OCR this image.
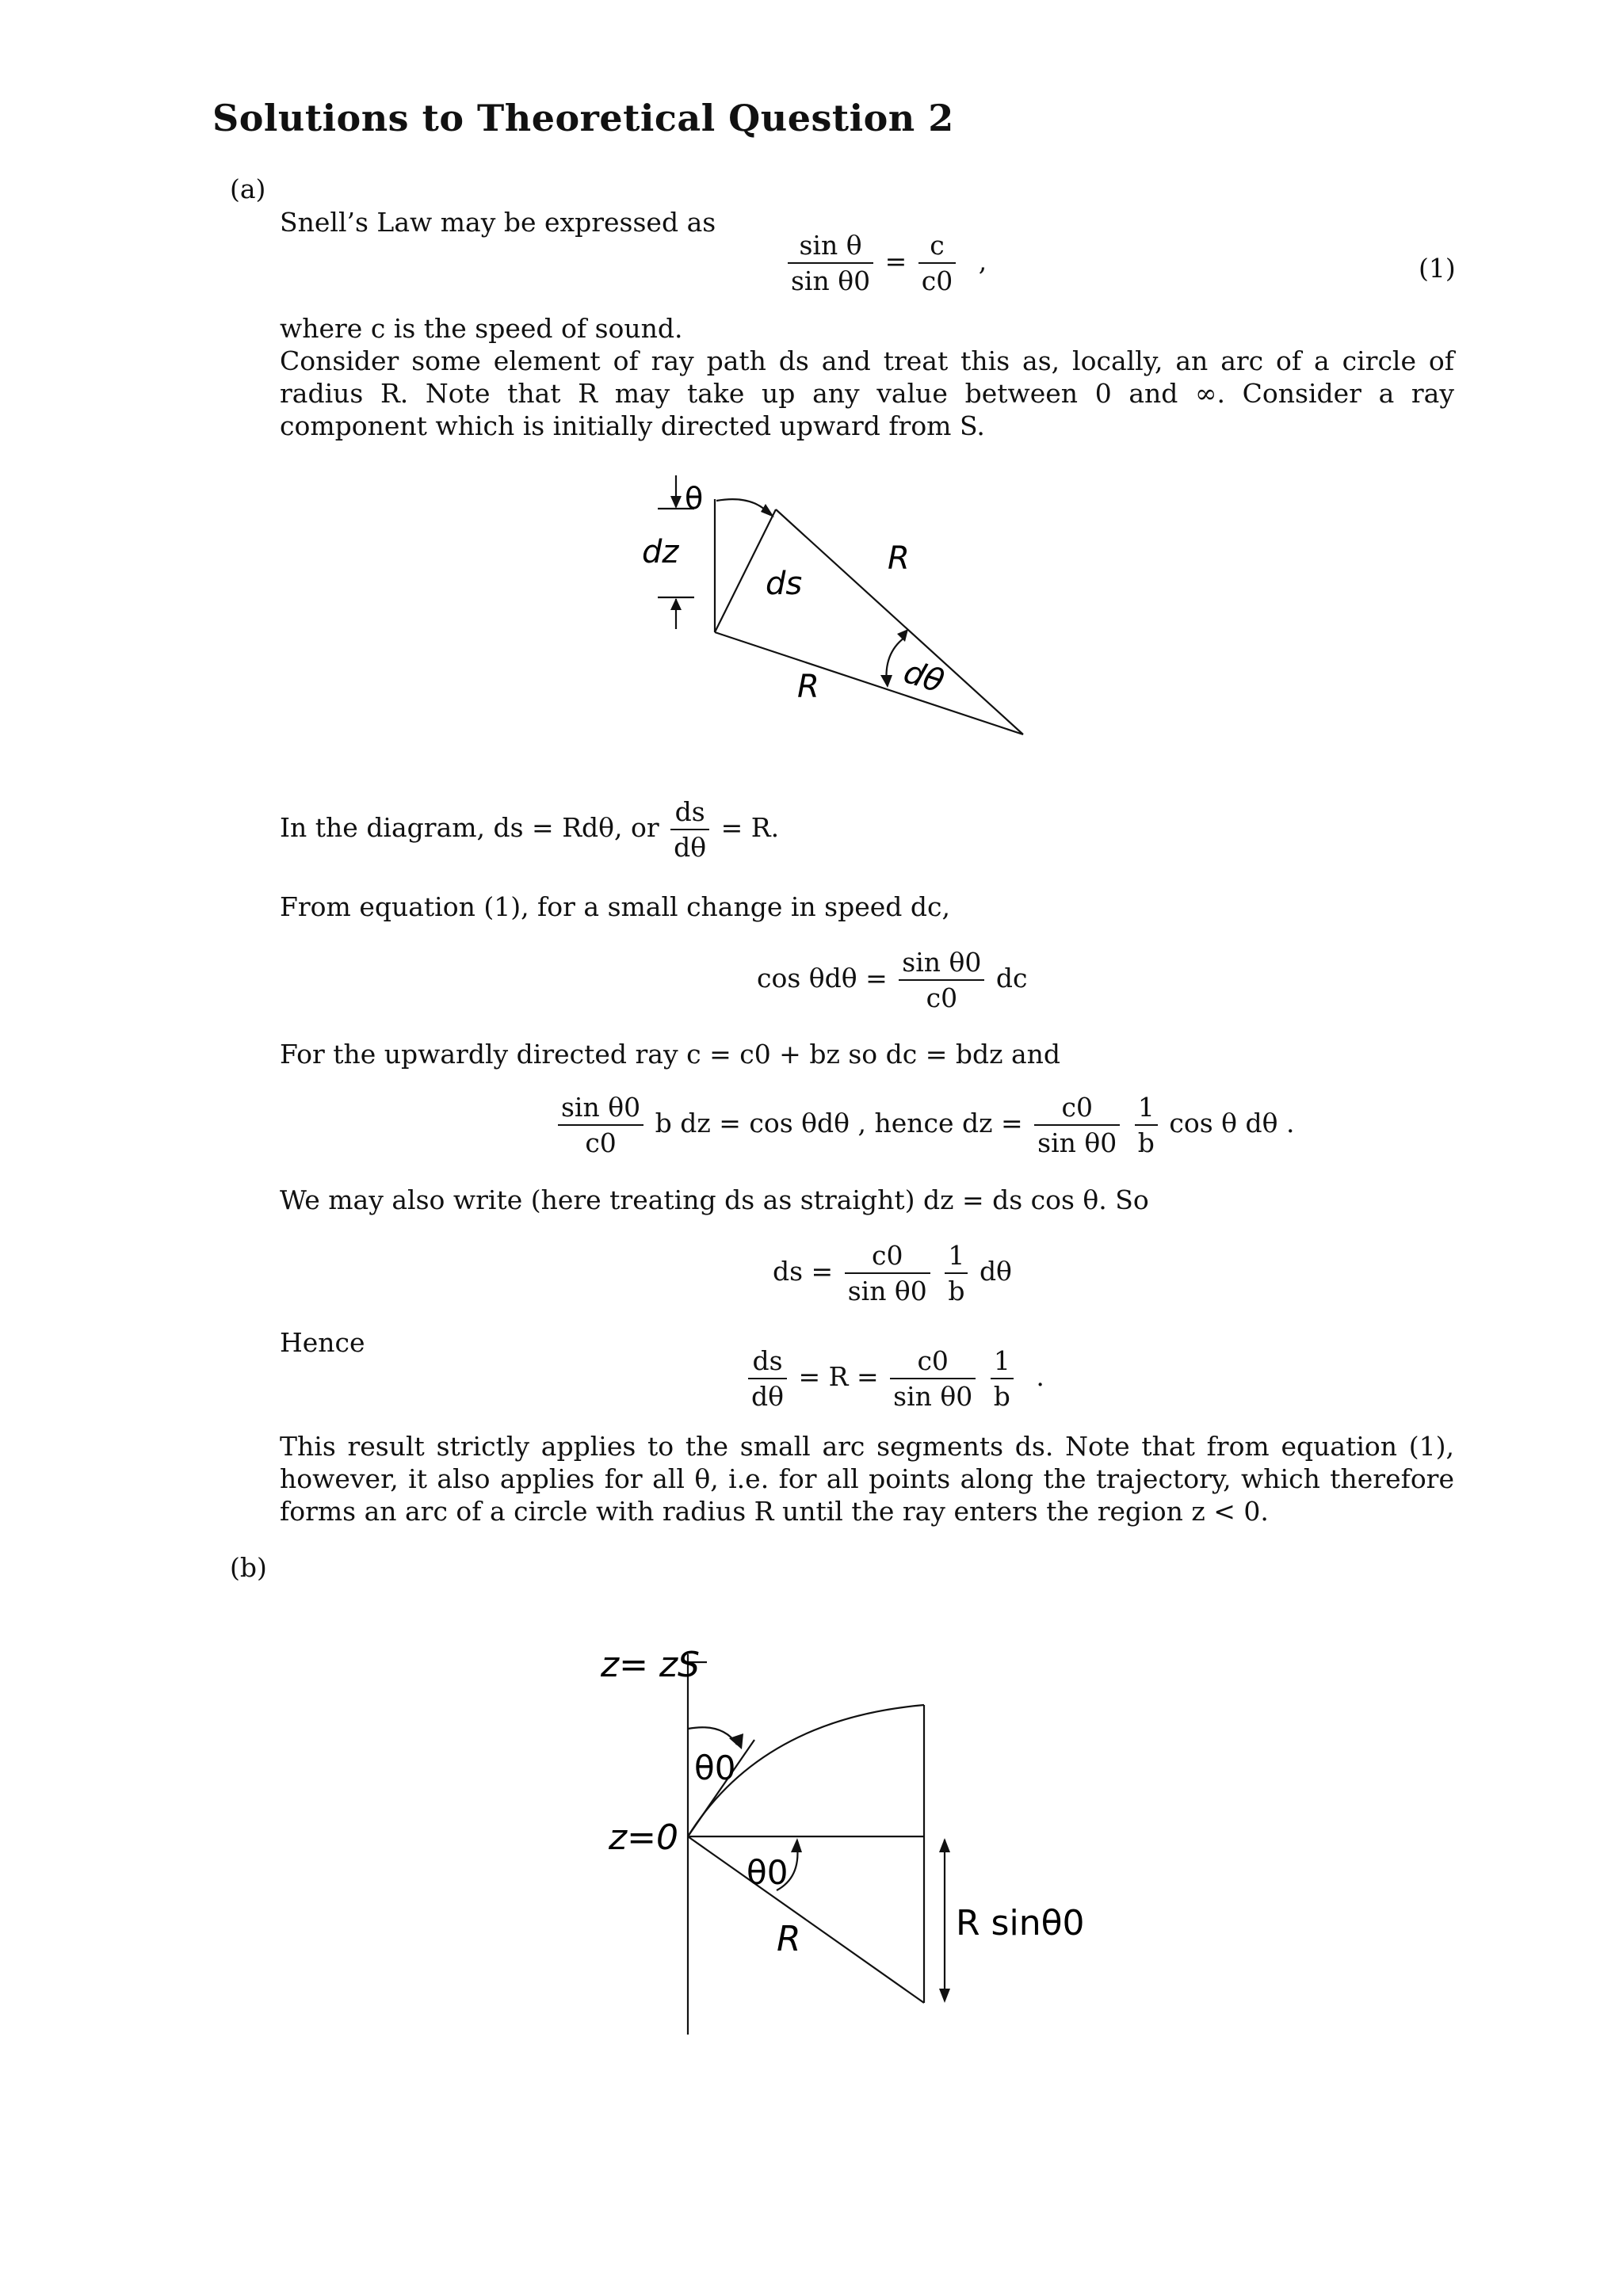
Solutions to Theoretical Question 2
(a)
Snell’s Law may be expressed as
$\frac{\text{sin θ}}{\text{sin θ0}} = \frac{c}{c0}$ ,	(1)
where c is the speed of sound.
Consider some element of ray path ds and treat this as, locally, an arc of a circle of radius R. Note that R may take up any value between 0 and ∞. Consider a ray component which is initially directed upward from S.
θ
dz
ds
R
R	dθ
In the diagram, ds = Rdθ, or $\frac{ds}{d\theta} = R$.
From equation (1), for a small change in speed dc,
$\cos \theta d\theta = \frac{\text{sin θ0}}{c0}$ dc
For the upwardly directed ray c = c0 + bz so dc = bdz and
$\frac{\text{sin θ0}}{c0}$ b dz = cos θdθ , hence dz = $\frac{c0}{\text{sin θ0}}$
$\frac{1}{b}$ cos θ dθ .
We may also write (here treating ds as straight) dz = ds cos θ. So
ds = $\frac{c0}{\text{sin θ0}}$
$\frac{1}{b}$ dθ
Hence
$\frac{ds}{d\theta} = R = \frac{c0}{\text{sin θ0}}$
$\frac{1}{b}$ .
This result strictly applies to the small arc segments ds. Note that from equation (1), however, it also applies for all θ, i.e. for all points along the trajectory, which therefore forms an arc of a circle with radius R until the ray enters the region z < 0.
(b)
z= zS
z=0
θ0
θ0
R	R sinθ0
